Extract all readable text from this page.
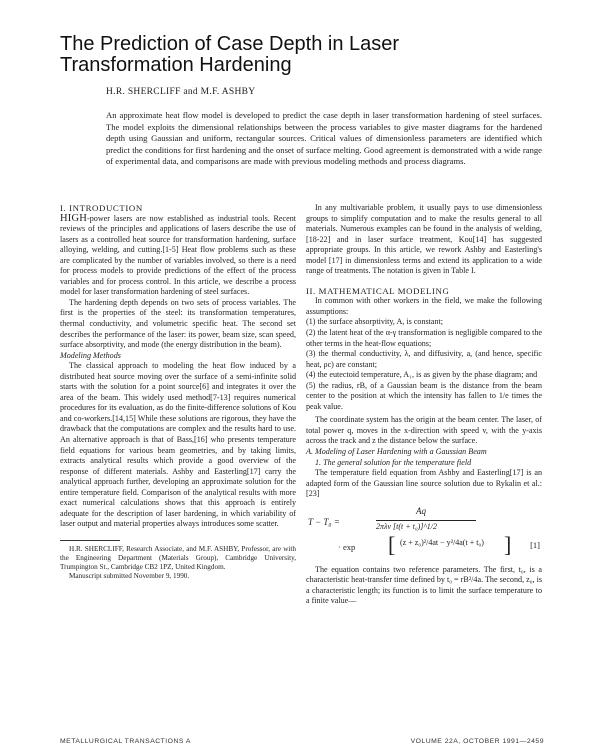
The Prediction of Case Depth in Laser Transformation Hardening

H.R. SHERCLIFF and M.F. ASHBY

An approximate heat flow model is developed to predict the case depth in laser transformation hardening of steel surfaces. The model exploits the dimensional relationships between the process variables to give master diagrams for the hardened depth using Gaussian and uniform, rectangular sources. Critical values of dimensionless parameters are identified which predict the conditions for first hardening and the onset of surface melting. Good agreement is demonstrated with a wide range of experimental data, and comparisons are made with previous modeling methods and process diagrams.

I. INTRODUCTION

HIGH-power lasers are now established as industrial tools. Recent reviews of the principles and applications of lasers describe the use of lasers as a controlled heat source for transformation hardening, surface alloying, welding, and cutting.[1-5] Heat flow problems such as these are complicated by the number of variables involved, so there is a need for process models to provide predictions of the effect of the process variables and for process control. In this article, we describe a process model for laser transformation hardening of steel surfaces.

The hardening depth depends on two sets of process variables. The first is the properties of the steel: its transformation temperatures, thermal conductivity, and volumetric specific heat. The second set describes the performance of the laser: its power, beam size, scan speed, surface absorptivity, and mode (the energy distribution in the beam).

Modeling Methods

The classical approach to modeling the heat flow induced by a distributed heat source moving over the surface of a semi-infinite solid starts with the solution for a point source[6] and integrates it over the area of the beam. This widely used method[7-13] requires numerical procedures for its evaluation, as do the finite-difference solutions of Kou and co-workers.[14,15] While these solutions are rigorous, they have the drawback that the computations are complex and the results hard to use. An alternative approach is that of Bass,[16] who presents temperature field equations for various beam geometries, and by taking limits, extracts analytical results which provide a good overview of the response of different materials. Ashby and Easterling[17] carry the analytical approach further, developing an approximate solution for the entire temperature field. Comparison of the analytical results with more exact numerical calculations shows that this approach is entirely adequate for the description of laser hardening, in which variability of laser output and material properties always introduces some scatter.

H.R. SHERCLIFF, Research Associate, and M.F. ASHBY, Professor, are with the Engineering Department (Materials Group), Cambridge University, Trumpington St., Cambridge CB2 1PZ, United Kingdom.

Manuscript submitted November 9, 1990.

In any multivariable problem, it usually pays to use dimensionless groups to simplify computation and to make the results general to all materials. Numerous examples can be found in the analysis of welding,[18-22] and in laser surface treatment, Kou[14] has suggested appropriate groups. In this article, we rework Ashby and Easterling's model [17] in dimensionless terms and extend its application to a wide range of treatments. The notation is given in Table I.

II. MATHEMATICAL MODELING

In common with other workers in the field, we make the following assumptions:

(1) the surface absorptivity, A, is constant;

(2) the latent heat of the α-γ transformation is negligible compared to the other terms in the heat-flow equations;

(3) the thermal conductivity, λ, and diffusivity, a, (and hence, specific heat, ρc) are constant;

(4) the eutectoid temperature, A₁, is as given by the phase diagram; and

(5) the radius, rB, of a Gaussian beam is the distance from the beam center to the position at which the intensity has fallen to 1/e times the peak value.

The coordinate system has the origin at the beam center. The laser, of total power q, moves in the x-direction with speed v, with the y-axis across the track and z the distance below the surface.

A. Modeling of Laser Hardening with a Gaussian Beam

1. The general solution for the temperature field

The temperature field equation from Ashby and Easterling[17] is an adapted form of the Gaussian line source solution due to Rykalin et al.:[23]

T − T₀ =
Aq
2πλv [t(t + t₀)]^1/2
· exp [ (z + z₀)²/4at − y²/4a(t + t₀) ] [1]

The equation contains two reference parameters. The first, t₀, is a characteristic heat-transfer time defined by t₀ = rB²/4a. The second, z₀, is a characteristic length; its function is to limit the surface temperature to a finite value—

METALLURGICAL TRANSACTIONS A	VOLUME 22A, OCTOBER 1991—2459
